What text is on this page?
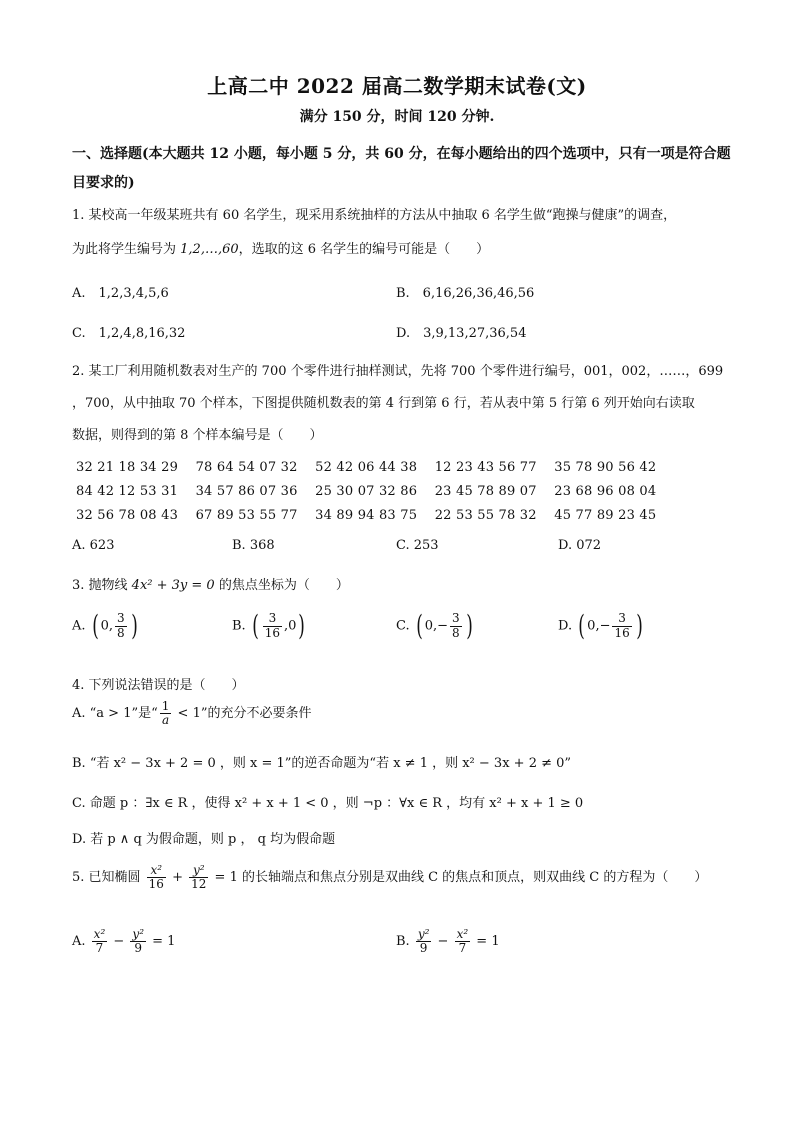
上高二中 2022 届高二数学期末试卷(文)
满分 150 分，时间 120 分钟.
一、选择题(本大题共 12 小题，每小题 5 分，共 60 分，在每小题给出的四个选项中，只有一项是符合题目要求的)
1. 某校高一年级某班共有 60 名学生，现采用系统抽样的方法从中抽取 6 名学生做“跑操与健康”的调查，
为此将学生编号为 1,2,…,60，选取的这 6 名学生的编号可能是（　　）
A.　1,2,3,4,5,6	B.　6,16,26,36,46,56
C.　1,2,4,8,16,32	D.　3,9,13,27,36,54
2. 某工厂利用随机数表对生产的 700 个零件进行抽样测试，先将 700 个零件进行编号，001，002，……，699
，700，从中抽取 70 个样本，下图提供随机数表的第 4 行到第 6 行，若从表中第 5 行第 6 列开始向右读取
数据，则得到的第 8 个样本编号是（　　）
32 21 18 34 29　 78 64 54 07 32　 52 42 06 44 38　 12 23 43 56 77　 35 78 90 56 42
84 42 12 53 31　 34 57 86 07 36　 25 30 07 32 86　 23 45 78 89 07　 23 68 96 08 04
32 56 78 08 43　 67 89 53 55 77　 34 89 94 83 75　 22 53 55 78 32　 45 77 89 23 45
A. 623	B. 368	C. 253	D. 072
3. 抛物线 4x² + 3y = 0 的焦点坐标为（　　）
A. ( 0, $\frac{3}{8}$ )	B. ( $\frac{3}{16} ,0$)	C. ( $0,- \frac{3}{8}$ )	D. ( $0,- \frac{3}{16}$ )
4. 下列说法错误的是（　　）
A. “a > 1”是“ $\frac{1}{a} < 1$”的充分不必要条件
B. “若 x² − 3x + 2 = 0 ，则 x = 1”的逆否命题为“若 x ≠ 1 ，则 x² − 3x + 2 ≠ 0”
C. 命题 p ：∃x ∈ R ，使得 x² + x + 1 < 0 ，则 ¬p ：∀x ∈ R ，均有 x² + x + 1 ≥ 0
D. 若 p ∧ q 为假命题，则 p ， q 均为假命题
5. 已知椭圆 $\frac{\text{x²}}{16} + \frac{\text{y²}}{12} = 1$ 的长轴端点和焦点分别是双曲线 C 的焦点和顶点，则双曲线 C 的方程为（　　）
A. $\frac{\text{x²}}{7} - \frac{\text{y²}}{9} = 1$	B. $\frac{\text{y²}}{9} - \frac{\text{x²}}{7} = 1$
